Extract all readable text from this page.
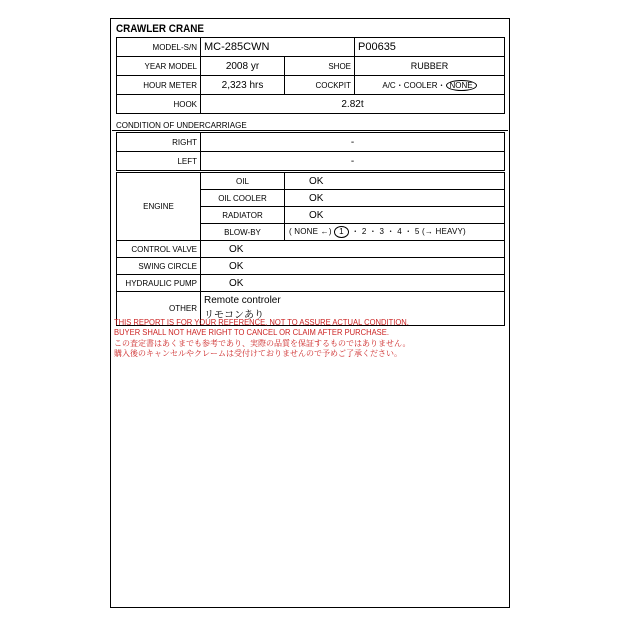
CRAWLER CRANE
MODEL-S/N	MC-285CWN		P00635
YEAR MODEL	2008 yr	SHOE	RUBBER
HOUR METER	2,323 hrs	COCKPIT	A/C・COOLER・ NONE
HOOK	2.82t		
CONDITION OF UNDERCARRIAGE
RIGHT	-
LEFT	-
ENGINE	OIL	OK
	OIL COOLER	OK
	RADIATOR	OK
	BLOW-BY	( NONE ←) 1 ・ 2 ・ 3 ・ 4 ・ 5 (→ HEAVY)
CONTROL VALVE	OK	
SWING CIRCLE	OK	
HYDRAULIC PUMP	OK	
OTHER	Remote controler
リモコンあり	
THIS REPORT IS FOR YOUR REFERENCE, NOT TO ASSURE ACTUAL CONDITION.
BUYER SHALL NOT HAVE RIGHT TO CANCEL OR CLAIM AFTER PURCHASE.
この査定書はあくまでも参考であり、実際の品質を保証するものではありません。
購入後のキャンセルやクレームは受付けておりませんので予めご了承ください。
